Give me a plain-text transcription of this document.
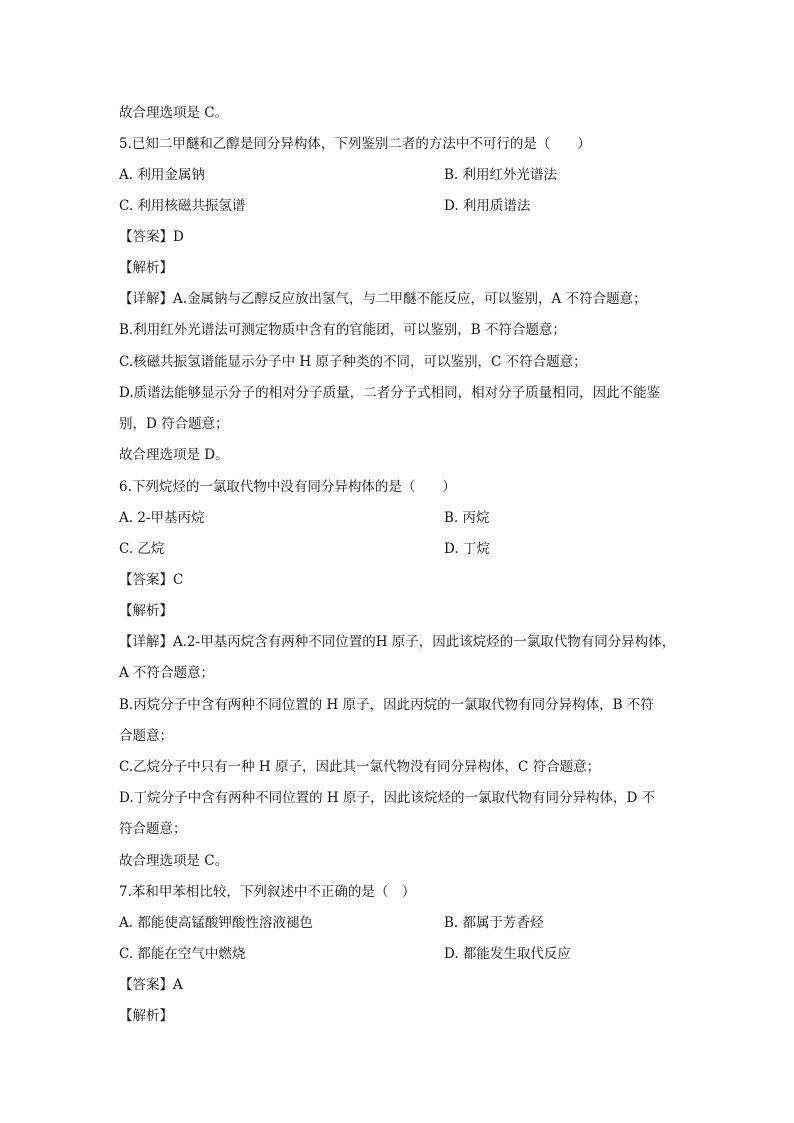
故合理选项是 C。
5.已知二甲醚和乙醇是同分异构体，下列鉴别二者的方法中不可行的是（　　）
A. 利用金属钠	B. 利用红外光谱法
C. 利用核磁共振氢谱	D. 利用质谱法
【答案】D
【解析】
【详解】A.金属钠与乙醇反应放出氢气，与二甲醚不能反应，可以鉴别，A 不符合题意；
B.利用红外光谱法可测定物质中含有的官能团，可以鉴别，B 不符合题意；
C.核磁共振氢谱能显示分子中 H 原子种类的不同，可以鉴别，C 不符合题意；
D.质谱法能够显示分子的相对分子质量，二者分子式相同，相对分子质量相同，因此不能鉴
别，D 符合题意；
故合理选项是 D。
6.下列烷烃的一氯取代物中没有同分异构体的是（　　）
A. 2-甲基丙烷	B. 丙烷
C. 乙烷	D. 丁烷
【答案】C
【解析】
【详解】A.2-甲基丙烷含有两种不同位置的H 原子，因此该烷烃的一氯取代物有同分异构体，
A 不符合题意；
B.丙烷分子中含有两种不同位置的 H 原子，因此丙烷的一氯取代物有同分异构体，B 不符
合题意；
C.乙烷分子中只有一种 H 原子，因此其一氯代物没有同分异构体，C 符合题意；
D.丁烷分子中含有两种不同位置的 H 原子，因此该烷烃的一氯取代物有同分异构体，D 不
符合题意；
故合理选项是 C。
7.苯和甲苯相比较，下列叙述中不正确的是（　）
A. 都能使高锰酸钾酸性溶液褪色	B. 都属于芳香烃
C. 都能在空气中燃烧	D. 都能发生取代反应
【答案】A
【解析】
